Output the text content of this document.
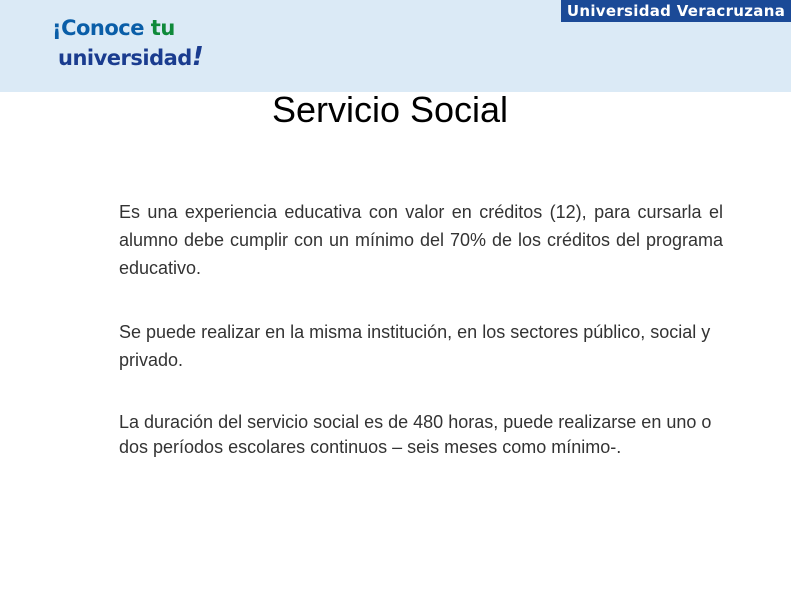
¡Conoce tu
universidad!
Universidad Veracruzana
Servicio Social

Es una experiencia educativa con valor en créditos (12), para cursarla el alumno debe cumplir con un mínimo del 70% de los créditos del programa educativo.

Se puede realizar en la misma institución, en los sectores público, social y privado.

La duración del servicio social es de 480 horas, puede realizarse en uno o dos períodos escolares continuos – seis meses como mínimo-.
